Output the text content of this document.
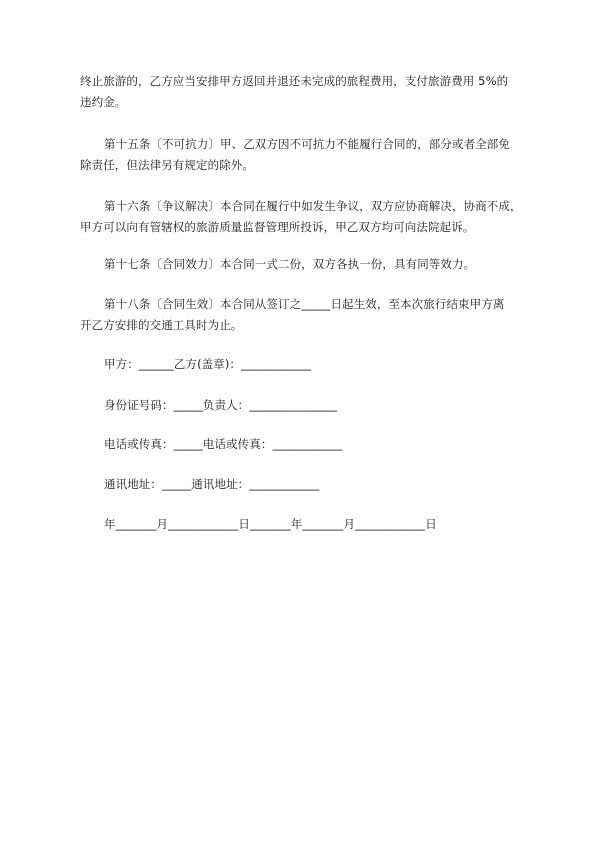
终止旅游的，乙方应当安排甲方返回并退还未完成的旅程费用，支付旅游费用 5%的
违约金。
第十五条〔不可抗力〕甲、乙双方因不可抗力不能履行合同的，部分或者全部免
除责任，但法律另有规定的除外。
第十六条〔争议解决〕本合同在履行中如发生争议，双方应协商解决，协商不成，
甲方可以向有管辖权的旅游质量监督管理所投诉，甲乙双方均可向法院起诉。
第十七条〔合同效力〕本合同一式二份，双方各执一份，具有同等效力。
第十八条〔合同生效〕本合同从签订之_____日起生效，至本次旅行结束甲方离
开乙方安排的交通工具时为止。
甲方：______乙方(盖章)：____________
身份证号码：_____负责人：_______________
电话或传真：_____电话或传真：____________
通讯地址：_____通讯地址：____________
年_______月____________日_______年_______月____________日
